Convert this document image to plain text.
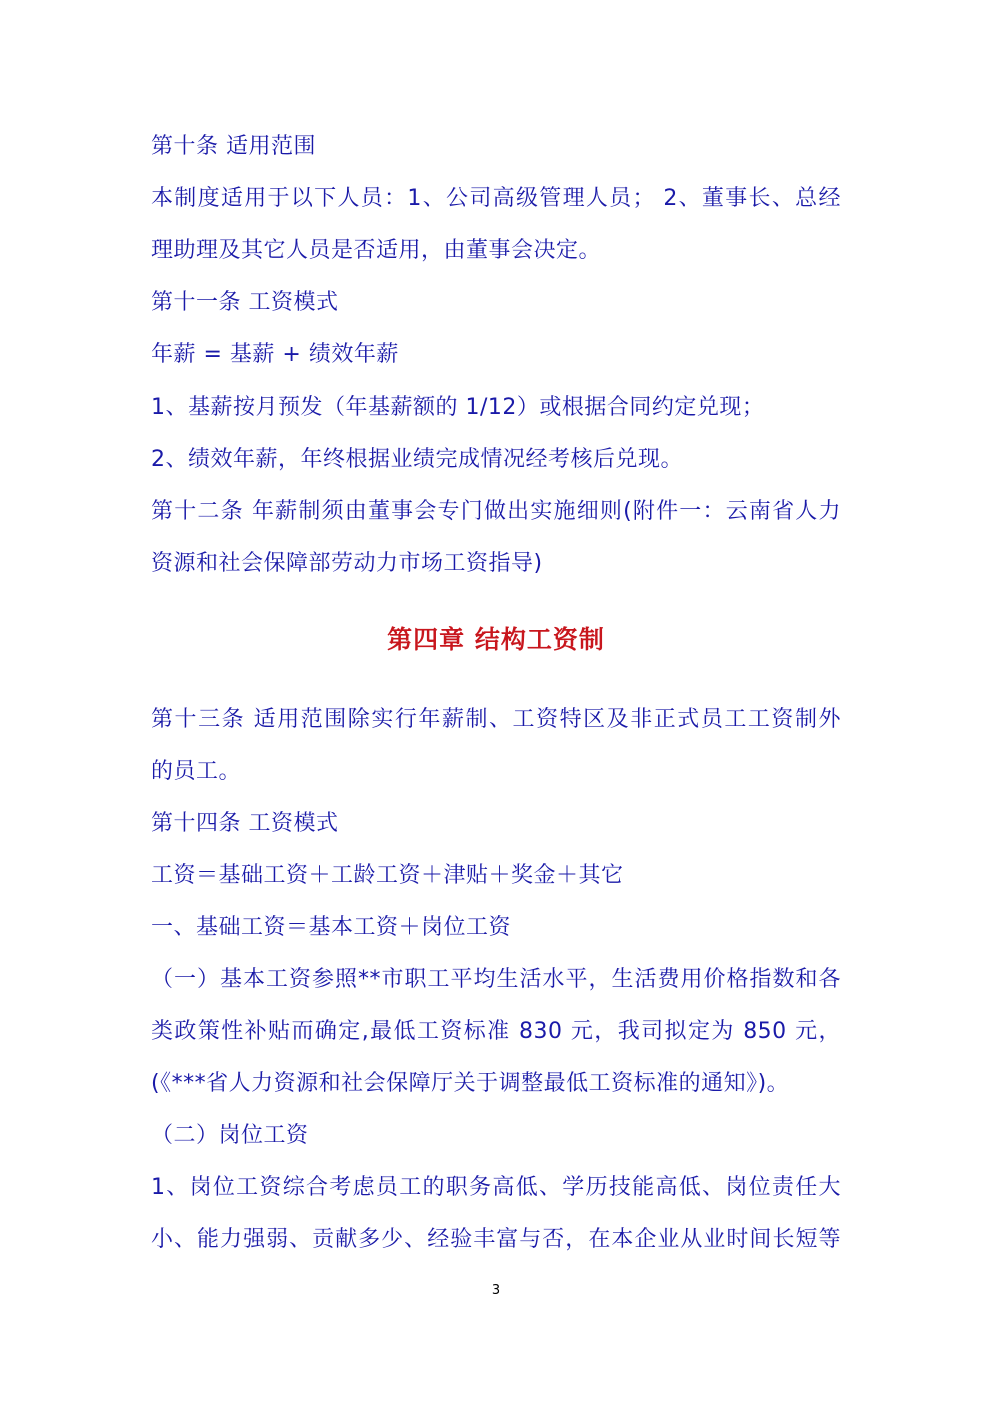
第十条 适用范围
本制度适用于以下人员：1、公司高级管理人员； 2、董事长、总经
理助理及其它人员是否适用，由董事会决定。
第十一条 工资模式
年薪 = 基薪 + 绩效年薪
1、基薪按月预发（年基薪额的 1/12）或根据合同约定兑现；
2、绩效年薪，年终根据业绩完成情况经考核后兑现。
第十二条 年薪制须由董事会专门做出实施细则(附件一：云南省人力
资源和社会保障部劳动力市场工资指导)
第四章 结构工资制
第十三条 适用范围除实行年薪制、工资特区及非正式员工工资制外
的员工。
第十四条 工资模式
工资＝基础工资＋工龄工资＋津贴＋奖金＋其它
一、基础工资＝基本工资＋岗位工资
（一）基本工资参照**市职工平均生活水平，生活费用价格指数和各
类政策性补贴而确定,最低工资标准 830 元，我司拟定为 850 元，
(《***省人力资源和社会保障厅关于调整最低工资标准的通知》)。
（二）岗位工资
1、岗位工资综合考虑员工的职务高低、学历技能高低、岗位责任大
小、能力强弱、贡献多少、经验丰富与否，在本企业从业时间长短等
3
